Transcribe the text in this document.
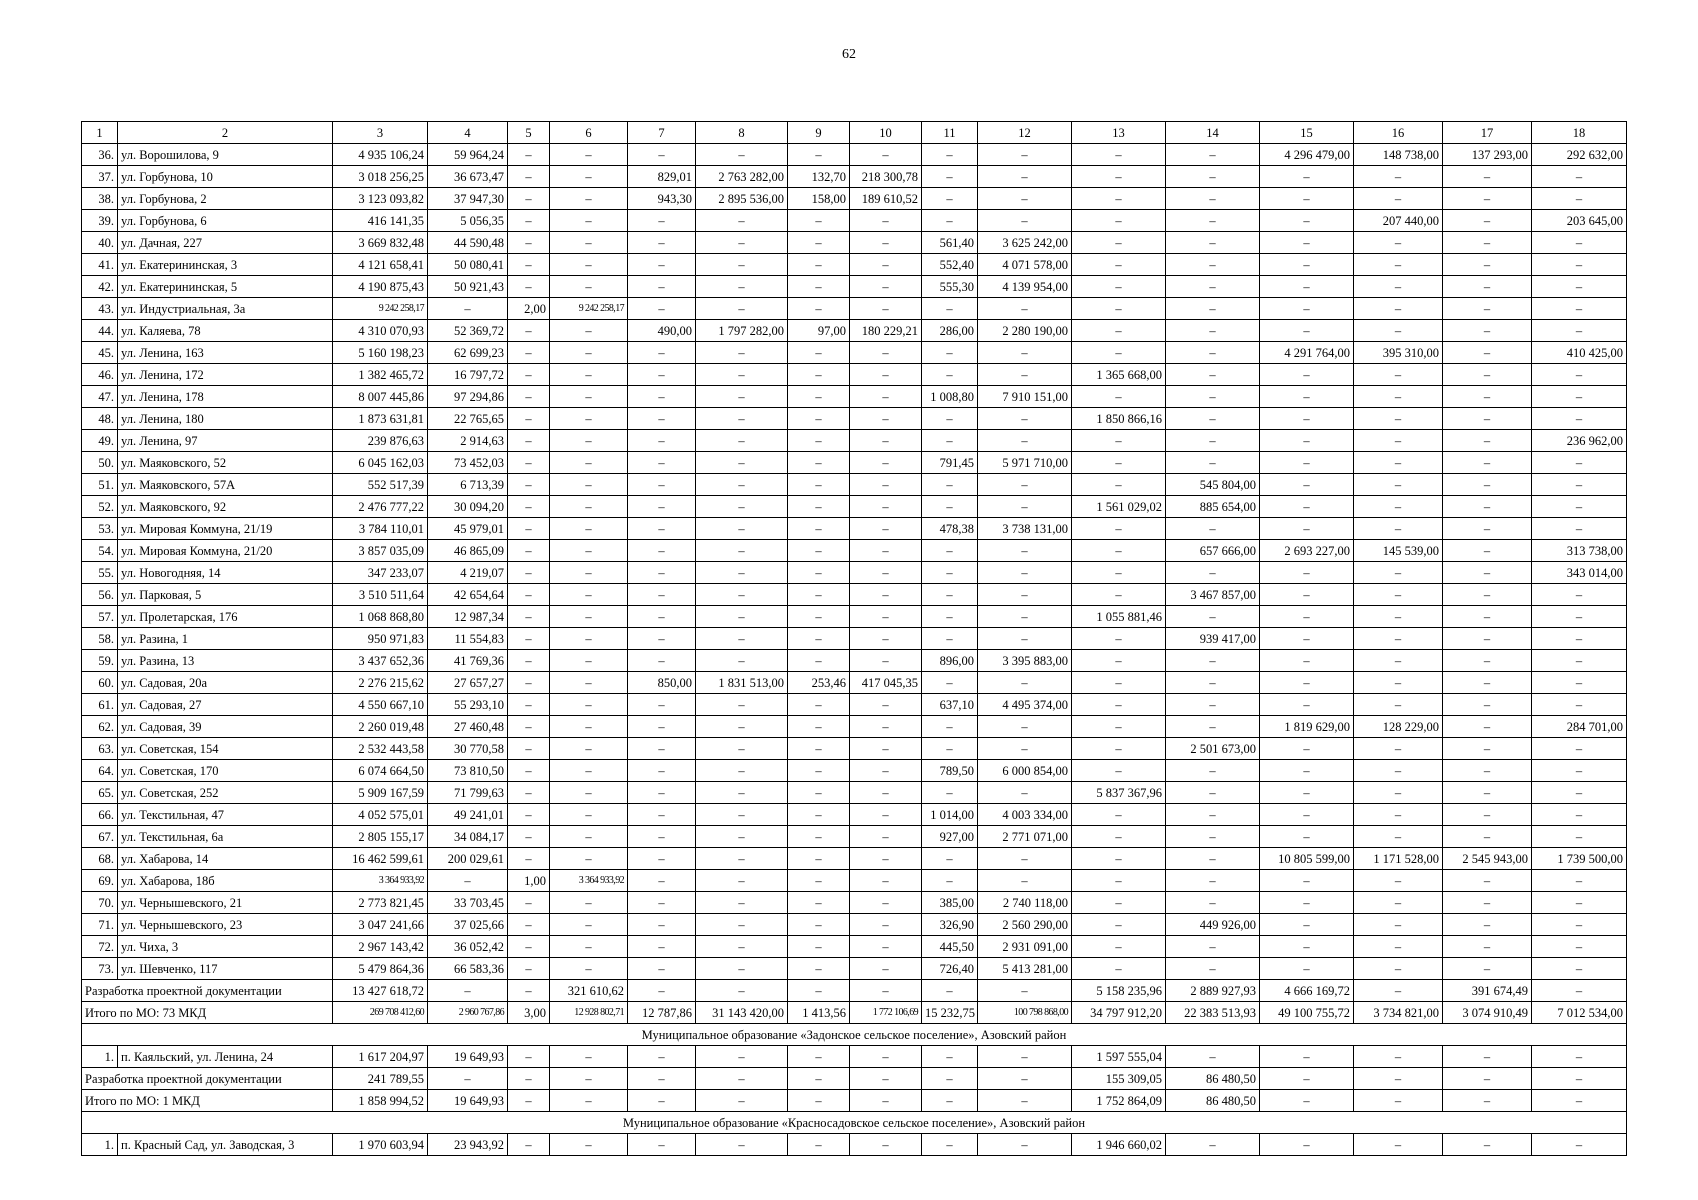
62
1	2	3	4	5	6	7	8	9	10	11	12	13	14	15	16	17	18
36.	ул. Ворошилова, 9	4 935 106,24	59 964,24	–	–	–	–	–	–	–	–	–	–	4 296 479,00	148 738,00	137 293,00	292 632,00
37.	ул. Горбунова, 10	3 018 256,25	36 673,47	–	–	829,01	2 763 282,00	132,70	218 300,78	–	–	–	–	–	–	–	–
38.	ул. Горбунова, 2	3 123 093,82	37 947,30	–	–	943,30	2 895 536,00	158,00	189 610,52	–	–	–	–	–	–	–	–
39.	ул. Горбунова, 6	416 141,35	5 056,35	–	–	–	–	–	–	–	–	–	–	–	207 440,00	–	203 645,00
40.	ул. Дачная, 227	3 669 832,48	44 590,48	–	–	–	–	–	–	561,40	3 625 242,00	–	–	–	–	–	–
41.	ул. Екатерининская, 3	4 121 658,41	50 080,41	–	–	–	–	–	–	552,40	4 071 578,00	–	–	–	–	–	–
42.	ул. Екатерининская, 5	4 190 875,43	50 921,43	–	–	–	–	–	–	555,30	4 139 954,00	–	–	–	–	–	–
43.	ул. Индустриальная, 3а	9 242 258,17	–	2,00	9 242 258,17	–	–	–	–	–	–	–	–	–	–	–	–
44.	ул. Каляева, 78	4 310 070,93	52 369,72	–	–	490,00	1 797 282,00	97,00	180 229,21	286,00	2 280 190,00	–	–	–	–	–	–
45.	ул. Ленина, 163	5 160 198,23	62 699,23	–	–	–	–	–	–	–	–	–	–	4 291 764,00	395 310,00	–	410 425,00
46.	ул. Ленина, 172	1 382 465,72	16 797,72	–	–	–	–	–	–	–	–	1 365 668,00	–	–	–	–	–
47.	ул. Ленина, 178	8 007 445,86	97 294,86	–	–	–	–	–	–	1 008,80	7 910 151,00	–	–	–	–	–	–
48.	ул. Ленина, 180	1 873 631,81	22 765,65	–	–	–	–	–	–	–	–	1 850 866,16	–	–	–	–	–
49.	ул. Ленина, 97	239 876,63	2 914,63	–	–	–	–	–	–	–	–	–	–	–	–	–	236 962,00
50.	ул. Маяковского, 52	6 045 162,03	73 452,03	–	–	–	–	–	–	791,45	5 971 710,00	–	–	–	–	–	–
51.	ул. Маяковского, 57А	552 517,39	6 713,39	–	–	–	–	–	–	–	–	–	545 804,00	–	–	–	–
52.	ул. Маяковского, 92	2 476 777,22	30 094,20	–	–	–	–	–	–	–	–	1 561 029,02	885 654,00	–	–	–	–
53.	ул. Мировая Коммуна, 21/19	3 784 110,01	45 979,01	–	–	–	–	–	–	478,38	3 738 131,00	–	–	–	–	–	–
54.	ул. Мировая Коммуна, 21/20	3 857 035,09	46 865,09	–	–	–	–	–	–	–	–	–	657 666,00	2 693 227,00	145 539,00	–	313 738,00
55.	ул. Новогодняя, 14	347 233,07	4 219,07	–	–	–	–	–	–	–	–	–	–	–	–	–	343 014,00
56.	ул. Парковая, 5	3 510 511,64	42 654,64	–	–	–	–	–	–	–	–	–	3 467 857,00	–	–	–	–
57.	ул. Пролетарская, 176	1 068 868,80	12 987,34	–	–	–	–	–	–	–	–	1 055 881,46	–	–	–	–	–
58.	ул. Разина, 1	950 971,83	11 554,83	–	–	–	–	–	–	–	–	–	939 417,00	–	–	–	–
59.	ул. Разина, 13	3 437 652,36	41 769,36	–	–	–	–	–	–	896,00	3 395 883,00	–	–	–	–	–	–
60.	ул. Садовая, 20а	2 276 215,62	27 657,27	–	–	850,00	1 831 513,00	253,46	417 045,35	–	–	–	–	–	–	–	–
61.	ул. Садовая, 27	4 550 667,10	55 293,10	–	–	–	–	–	–	637,10	4 495 374,00	–	–	–	–	–	–
62.	ул. Садовая, 39	2 260 019,48	27 460,48	–	–	–	–	–	–	–	–	–	–	1 819 629,00	128 229,00	–	284 701,00
63.	ул. Советская, 154	2 532 443,58	30 770,58	–	–	–	–	–	–	–	–	–	2 501 673,00	–	–	–	–
64.	ул. Советская, 170	6 074 664,50	73 810,50	–	–	–	–	–	–	789,50	6 000 854,00	–	–	–	–	–	–
65.	ул. Советская, 252	5 909 167,59	71 799,63	–	–	–	–	–	–	–	–	5 837 367,96	–	–	–	–	–
66.	ул. Текстильная, 47	4 052 575,01	49 241,01	–	–	–	–	–	–	1 014,00	4 003 334,00	–	–	–	–	–	–
67.	ул. Текстильная, 6а	2 805 155,17	34 084,17	–	–	–	–	–	–	927,00	2 771 071,00	–	–	–	–	–	–
68.	ул. Хабарова, 14	16 462 599,61	200 029,61	–	–	–	–	–	–	–	–	–	–	10 805 599,00	1 171 528,00	2 545 943,00	1 739 500,00
69.	ул. Хабарова, 18б	3 364 933,92	–	1,00	3 364 933,92	–	–	–	–	–	–	–	–	–	–	–	–
70.	ул. Чернышевского, 21	2 773 821,45	33 703,45	–	–	–	–	–	–	385,00	2 740 118,00	–	–	–	–	–	–
71.	ул. Чернышевского, 23	3 047 241,66	37 025,66	–	–	–	–	–	–	326,90	2 560 290,00	–	449 926,00	–	–	–	–
72.	ул. Чиха, 3	2 967 143,42	36 052,42	–	–	–	–	–	–	445,50	2 931 091,00	–	–	–	–	–	–
73.	ул. Шевченко, 117	5 479 864,36	66 583,36	–	–	–	–	–	–	726,40	5 413 281,00	–	–	–	–	–	–
Разработка проектной документации		13 427 618,72	–	–	321 610,62	–	–	–	–	–	–	5 158 235,96	2 889 927,93	4 666 169,72	–	391 674,49	–
Итого по МО: 73 МКД		269 708 412,60	2 960 767,86	3,00	12 928 802,71	12 787,86	31 143 420,00	1 413,56	1 772 106,69	15 232,75	100 798 868,00	34 797 912,20	22 383 513,93	49 100 755,72	3 734 821,00	3 074 910,49	7 012 534,00
Муниципальное образование «Задонское сельское поселение», Азовский район																	
1.	п. Каяльский, ул. Ленина, 24	1 617 204,97	19 649,93	–	–	–	–	–	–	–	–	1 597 555,04	–	–	–	–	–
Разработка проектной документации		241 789,55	–	–	–	–	–	–	–	–	–	155 309,05	86 480,50	–	–	–	–
Итого по МО: 1 МКД		1 858 994,52	19 649,93	–	–	–	–	–	–	–	–	1 752 864,09	86 480,50	–	–	–	–
Муниципальное образование «Красносадовское сельское поселение», Азовский район																	
1.	п. Красный Сад, ул. Заводская, 3	1 970 603,94	23 943,92	–	–	–	–	–	–	–	–	1 946 660,02	–	–	–	–	–
